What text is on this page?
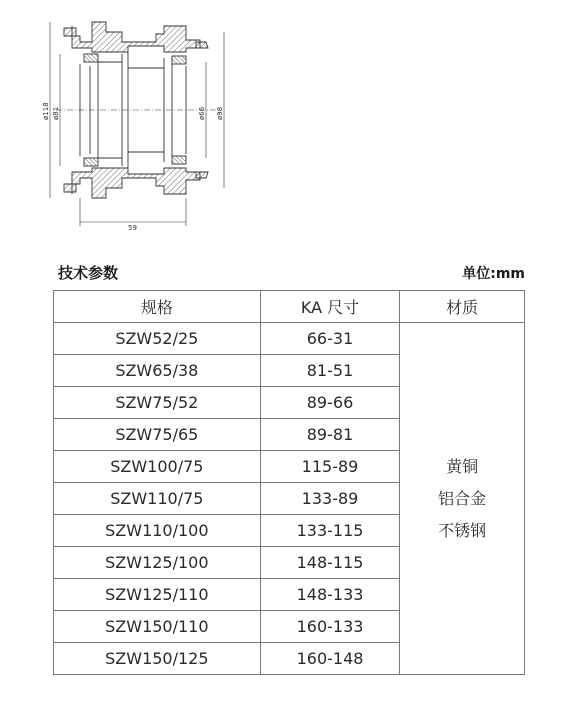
ø118 ø81	ø66 ø98
59
技术参数	单位:mm
规格	KA 尺寸	材质
SZW52/25	66-31	黄铜
铝合金
不锈钢

SZW65/38	81-51	
SZW75/52	89-66	
SZW75/65	89-81	
SZW100/75	115-89	
SZW110/75	133-89	
SZW110/100	133-115	
SZW125/100	148-115	
SZW125/110	148-133	
SZW150/110	160-133	
SZW150/125	160-148	
